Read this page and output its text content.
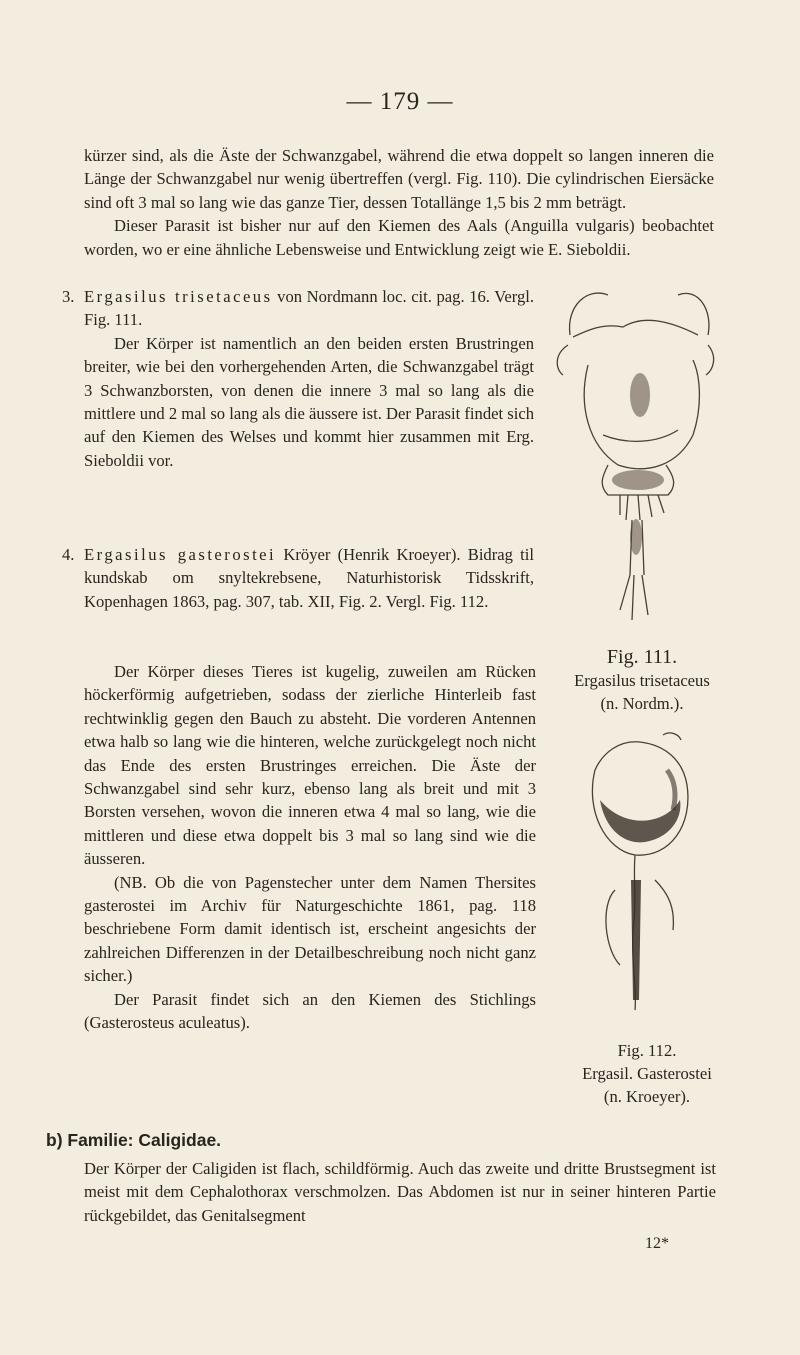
— 179 —

kürzer sind, als die Äste der Schwanzgabel, während die etwa doppelt so langen inneren die Länge der Schwanzgabel nur wenig übertreffen (vergl. Fig. 110). Die cylindrischen Eiersäcke sind oft 3 mal so lang wie das ganze Tier, dessen Totallänge 1,5 bis 2 mm beträgt.

Dieser Parasit ist bisher nur auf den Kiemen des Aals (Anguilla vulgaris) beobachtet worden, wo er eine ähnliche Lebensweise und Entwicklung zeigt wie E. Sieboldii.

3. Ergasilus trisetaceus von Nordmann loc. cit. pag. 16. Vergl. Fig. 111.

Der Körper ist namentlich an den beiden ersten Brustringen breiter, wie bei den vorhergehenden Arten, die Schwanzgabel trägt 3 Schwanzborsten, von denen die innere 3 mal so lang als die mittlere und 2 mal so lang als die äussere ist. Der Parasit findet sich auf den Kiemen des Welses und kommt hier zusammen mit Erg. Sieboldii vor.

4. Ergasilus gasterostei Kröyer (Henrik Kroeyer). Bidrag til kundskab om snyltekrebsene, Naturhistorisk Tidsskrift, Kopenhagen 1863, pag. 307, tab. XII, Fig. 2. Vergl. Fig. 112.

Der Körper dieses Tieres ist kugelig, zuweilen am Rücken höckerförmig aufgetrieben, sodass der zierliche Hinterleib fast rechtwinklig gegen den Bauch zu absteht. Die vorderen Antennen etwa halb so lang wie die hinteren, welche zurückgelegt noch nicht das Ende des ersten Brustringes erreichen. Die Äste der Schwanzgabel sind sehr kurz, ebenso lang als breit und mit 3 Borsten versehen, wovon die inneren etwa 4 mal so lang, wie die mittleren und diese etwa doppelt bis 3 mal so lang sind wie die äusseren.

(NB. Ob die von Pagenstecher unter dem Namen Thersites gasterostei im Archiv für Naturgeschichte 1861, pag. 118 beschriebene Form damit identisch ist, erscheint angesichts der zahlreichen Differenzen in der Detailbeschreibung noch nicht ganz sicher.)

Der Parasit findet sich an den Kiemen des Stichlings (Gasterosteus aculeatus).

Fig. 111.
Ergasilus trisetaceus
(n. Nordm.).
Fig. 112.
Ergasil. Gasterostei
(n. Kroeyer).
b) Familie: Caligidae.
Der Körper der Caligiden ist flach, schildförmig. Auch das zweite und dritte Brustsegment ist meist mit dem Cephalothorax verschmolzen. Das Abdomen ist nur in seiner hinteren Partie rückgebildet, das Genitalsegment
12*
